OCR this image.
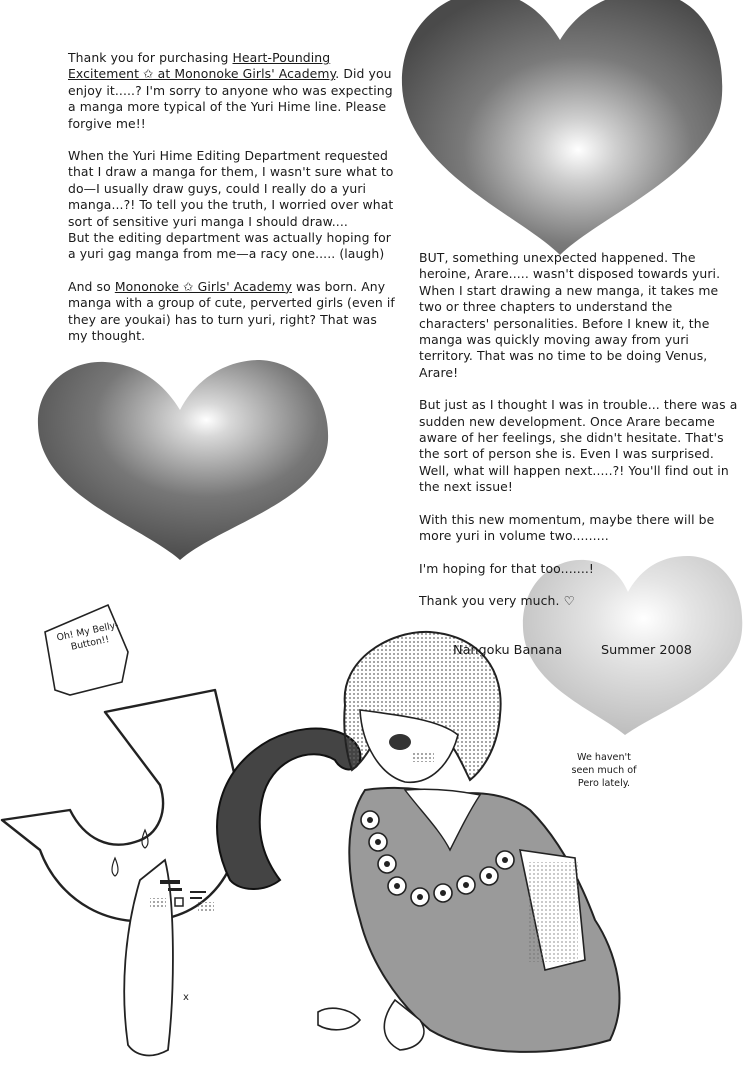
x

Thank you for purchasing Heart-Pounding Excitement ✩ at Mononoke Girls' Academy. Did you enjoy it.....? I'm sorry to anyone who was expecting a manga more typical of the Yuri Hime line. Please forgive me!!

When the Yuri Hime Editing Department requested that I draw a manga for them, I wasn't sure what to do—I usually draw guys, could I really do a yuri manga...?! To tell you the truth, I worried over what sort of sensitive yuri manga I should draw....

But the editing department was actually hoping for a yuri gag manga from me—a racy one..... (laugh)

And so Mononoke ✩ Girls' Academy was born. Any manga with a group of cute, perverted girls (even if they are youkai) has to turn yuri, right? That was my thought.

BUT, something unexpected happened. The heroine, Arare..... wasn't disposed towards yuri.

When I start drawing a new manga, it takes me two or three chapters to understand the characters' personalities. Before I knew it, the manga was quickly moving away from yuri territory. That was no time to be doing Venus, Arare!

But just as I thought I was in trouble... there was a sudden new development. Once Arare became aware of her feelings, she didn't hesitate. That's the sort of person she is. Even I was surprised. Well, what will happen next.....?! You'll find out in the next issue!

With this new momentum, maybe there will be more yuri in volume two.........

I'm hoping for that too.......!

Thank you very much. ♡

Nangoku Banana	Summer 2008
Oh! My Belly-Button!!
We haven't seen much of Pero lately.
